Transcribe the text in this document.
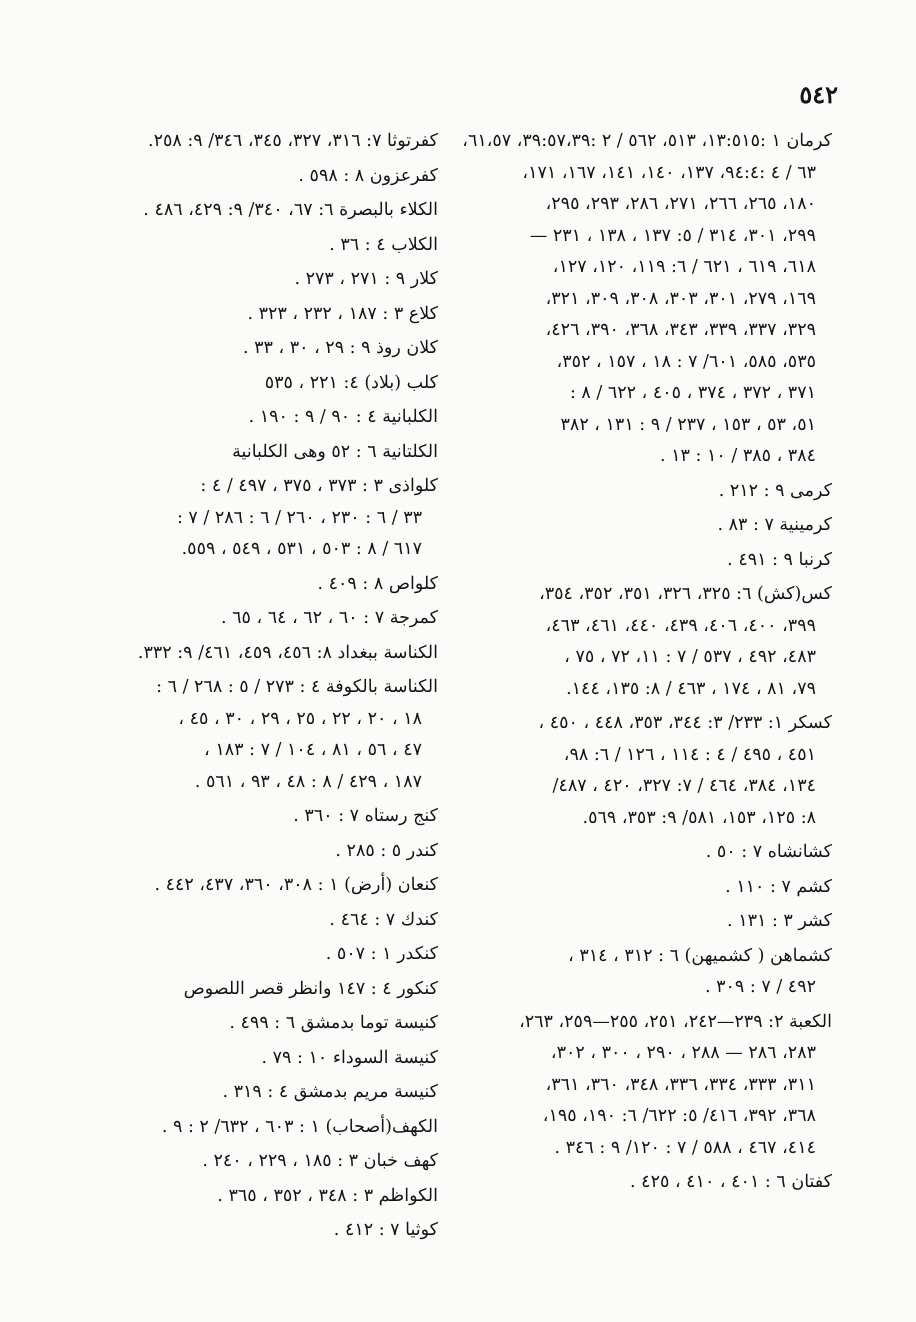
٥٤٢
كرمان ١ :١٣:٥١٥، ٥١٣، ٥٦٢ / ٢ :٣٩:٥٧،٣٩، ٦١،٥٧،
٦٣ / ٤ :٩٤:٤، ١٣٧، ١٤٠، ١٤١، ١٦٧، ١٧١،
١٨٠، ٢٦٥، ٢٦٦، ٢٧١، ٢٨٦، ٢٩٣، ٢٩٥،
٢٩٩، ٣٠١، ٣١٤ / ٥: ١٣٧ ، ١٣٨ ، ٢٣١ —
٦١٨، ٦١٩ ، ٦٢١ / ٦: ١١٩، ١٢٠، ١٢٧،
١٦٩، ٢٧٩، ٣٠١، ٣٠٣، ٣٠٨، ٣٠٩، ٣٢١،
٣٢٩، ٣٣٧، ٣٣٩، ٣٤٣، ٣٦٨، ٣٩٠، ٤٢٦،
٥٣٥، ٥٨٥، ٦٠١/ ٧ : ١٨ ، ١٥٧ ، ٣٥٢،
٣٧١ ، ٣٧٢ ، ٣٧٤ ، ٤٠٥ ، ٦٢٢ / ٨ :
٥١، ٥٣ ، ١٥٣ ، ٢٣٧ / ٩ : ١٣١ ، ٣٨٢
٣٨٤ ، ٣٨٥ / ١٠ : ١٣ .
كرمى ٩ : ٢١٢ .
كرمينية ٧ : ٨٣ .
كرنبا ٩ : ٤٩١ .
كس(كش) ٦: ٣٢٥، ٣٢٦، ٣٥١، ٣٥٢، ٣٥٤،
٣٩٩، ٤٠٠، ٤٠٦، ٤٣٩، ٤٤٠، ٤٦١، ٤٦٣،
٤٨٣، ٤٩٢ ، ٥٣٧ / ٧ : ١١، ٧٢ ، ٧٥ ،
٧٩، ٨١ ، ١٧٤ ، ٤٦٣ / ٨: ١٣٥، ١٤٤.
كسكر ١: ٢٣٣/ ٣: ٣٤٤، ٣٥٣، ٤٤٨ ، ٤٥٠ ،
٤٥١ ، ٤٩٥ / ٤ : ١١٤ ، ١٢٦ / ٦: ٩٨،
١٣٤، ٣٨٤، ٤٦٤ / ٧: ٣٢٧، ٤٢٠ ، ٤٨٧/
٨: ١٢٥، ١٥٣، ٥٨١/ ٩: ٣٥٣، ٥٦٩.
كشانشاه ٧ : ٥٠ .
كشم ٧ : ١١٠ .
كشر ٣ : ١٣١ .
كشماهن ( كشميهن) ٦ : ٣١٢ ، ٣١٤ ،
٤٩٢ / ٧ : ٣٠٩ .
الكعبة ٢: ٢٣٩—٢٤٢، ٢٥١، ٢٥٥—٢٥٩، ٢٦٣،
٢٨٣، ٢٨٦ — ٢٨٨ ، ٢٩٠ ، ٣٠٠ ، ٣٠٢،
٣١١، ٣٣٣، ٣٣٤، ٣٣٦، ٣٤٨، ٣٦٠، ٣٦١،
٣٦٨، ٣٩٢، ٤١٦/ ٥: ٦٢٢/ ٦: ١٩٠، ١٩٥،
٤١٤، ٤٦٧ ، ٥٨٨ / ٧ : ١٢٠/ ٩ : ٣٤٦ .
كفتان ٦ : ٤٠١ ، ٤١٠ ، ٤٢٥ .
كفرتوثا ٧: ٣١٦، ٣٢٧، ٣٤٥، ٣٤٦/ ٩: ٢٥٨.
كفرعزون ٨ : ٥٩٨ .
الكلاء بالبصرة ٦: ٦٧، ٣٤٠/ ٩: ٤٢٩، ٤٨٦ .
الكلاب ٤ : ٣٦ .
كلار ٩ : ٢٧١ ، ٢٧٣ .
كلاع ٣ : ١٨٧ ، ٢٣٢ ، ٣٢٣ .
كلان روذ ٩ : ٢٩ ، ٣٠ ، ٣٣ .
كلب (بلاد) ٤: ٢٢١ ، ٥٣٥
الكلبانية ٤ : ٩٠ / ٩ : ١٩٠ .
الكلتانية ٦ : ٥٢ وهى الكلبانية
كلواذى ٣ : ٣٧٣ ، ٣٧٥ ، ٤٩٧ / ٤ :
٣٣ / ٦ : ٢٣٠ ، ٢٦٠ / ٦ : ٢٨٦ / ٧ :
٦١٧ / ٨ : ٥٠٣ ، ٥٣١ ، ٥٤٩ ، ٥٥٩.
كلواص ٨ : ٤٠٩ .
كمرجة ٧ : ٦٠ ، ٦٢ ، ٦٤ ، ٦٥ .
الكناسة ببغداد ٨: ٤٥٦، ٤٥٩، ٤٦١/ ٩: ٣٣٢.
الكناسة بالكوفة ٤ : ٢٧٣ / ٥ : ٢٦٨ / ٦ :
١٨ ، ٢٠ ، ٢٢ ، ٢٥ ، ٢٩ ، ٣٠ ، ٤٥ ،
٤٧ ، ٥٦ ، ٨١ ، ١٠٤ / ٧ : ١٨٣ ،
١٨٧ ، ٤٢٩ / ٨ : ٤٨ ، ٩٣ ، ٥٦١ .
كنج رستاه ٧ : ٣٦٠ .
كندر ٥ : ٢٨٥ .
كنعان (أرض) ١ : ٣٠٨، ٣٦٠، ٤٣٧، ٤٤٢ .
كندك ٧ : ٤٦٤ .
كنكدر ١ : ٥٠٧ .
كنكور ٤ : ١٤٧ وانظر قصر اللصوص
كنيسة توما بدمشق ٦ : ٤٩٩ .
كنيسة السوداء ١٠ : ٧٩ .
كنيسة مريم بدمشق ٤ : ٣١٩ .
الكهف(أصحاب) ١ : ٦٠٣ ، ٦٣٢/ ٢ : ٩ .
كهف خبان ٣ : ١٨٥ ، ٢٢٩ ، ٢٤٠ .
الكواظم ٣ : ٣٤٨ ، ٣٥٢ ، ٣٦٥ .
كوثيا ٧ : ٤١٢ .
